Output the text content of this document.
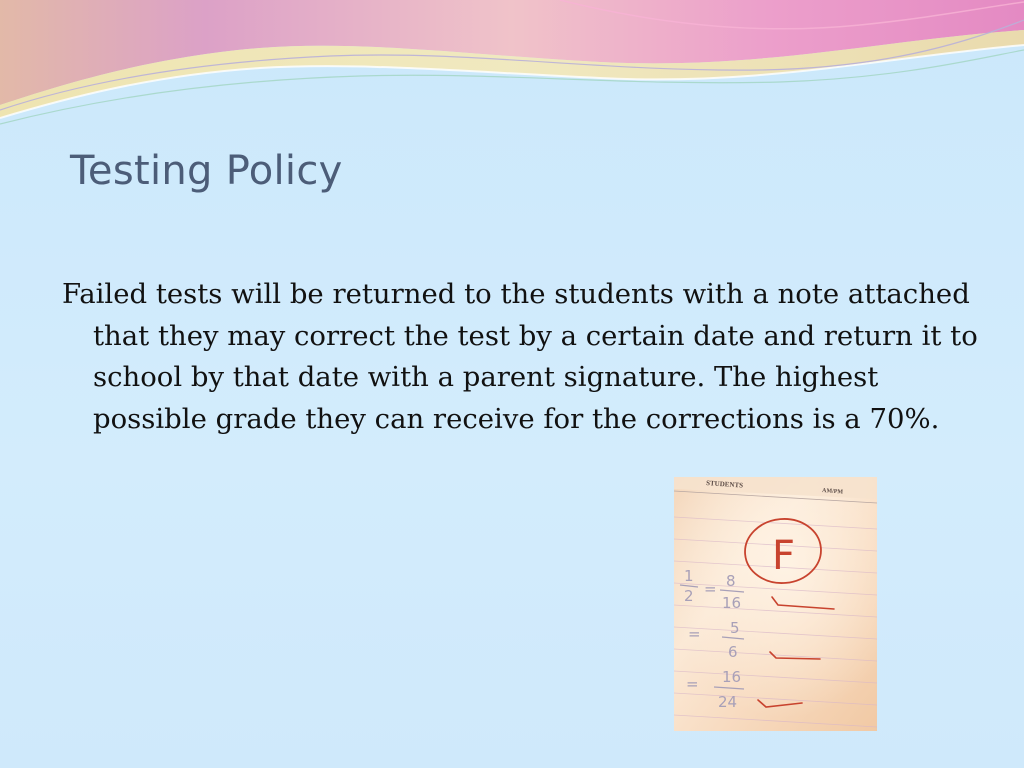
Testing Policy

Failed tests will be returned to the students with a note attached that they may correct the test by a certain date and return it to school by that date with a parent signature. The highest possible grade they can receive for the corrections is a 70%.

STUDENTS
AM/PM
F
1
2 = 8
16
= 5
6
= 16
24
